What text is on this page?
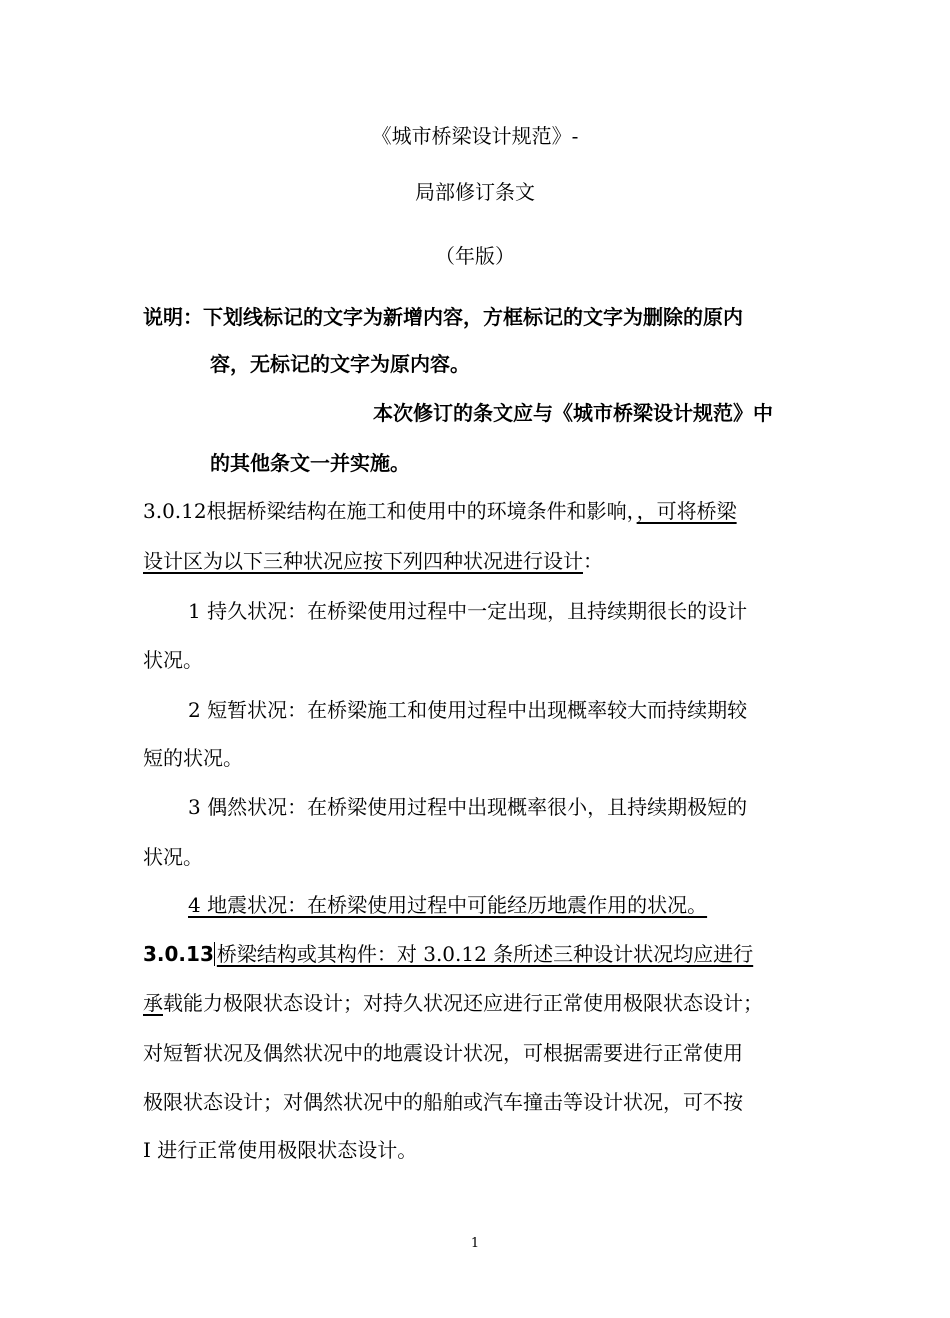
《城市桥梁设计规范》-
局部修订条文
（年版）
说明：下划线标记的文字为新增内容，方框标记的文字为删除的原内
容，无标记的文字为原内容。
本次修订的条文应与《城市桥梁设计规范》中
的其他条文一并实施。
3.0.12根据桥梁结构在施工和使用中的环境条件和影响，，可将桥梁
设计区为以下三种状况应按下列四种状况进行设计：
1 持久状况：在桥梁使用过程中一定出现，且持续期很长的设计
状况。
2 短暂状况：在桥梁施工和使用过程中出现概率较大而持续期较
短的状况。
3 偶然状况：在桥梁使用过程中出现概率很小，且持续期极短的
状况。
4 地震状况：在桥梁使用过程中可能经历地震作用的状况。
3.0.13 桥梁结构或其构件：对 3.0.12 条所述三种设计状况均应进行
承载能力极限状态设计；对持久状况还应进行正常使用极限状态设计；
对短暂状况及偶然状况中的地震设计状况，可根据需要进行正常使用
极限状态设计；对偶然状况中的船舶或汽车撞击等设计状况，可不按
I 进行正常使用极限状态设计。
1
